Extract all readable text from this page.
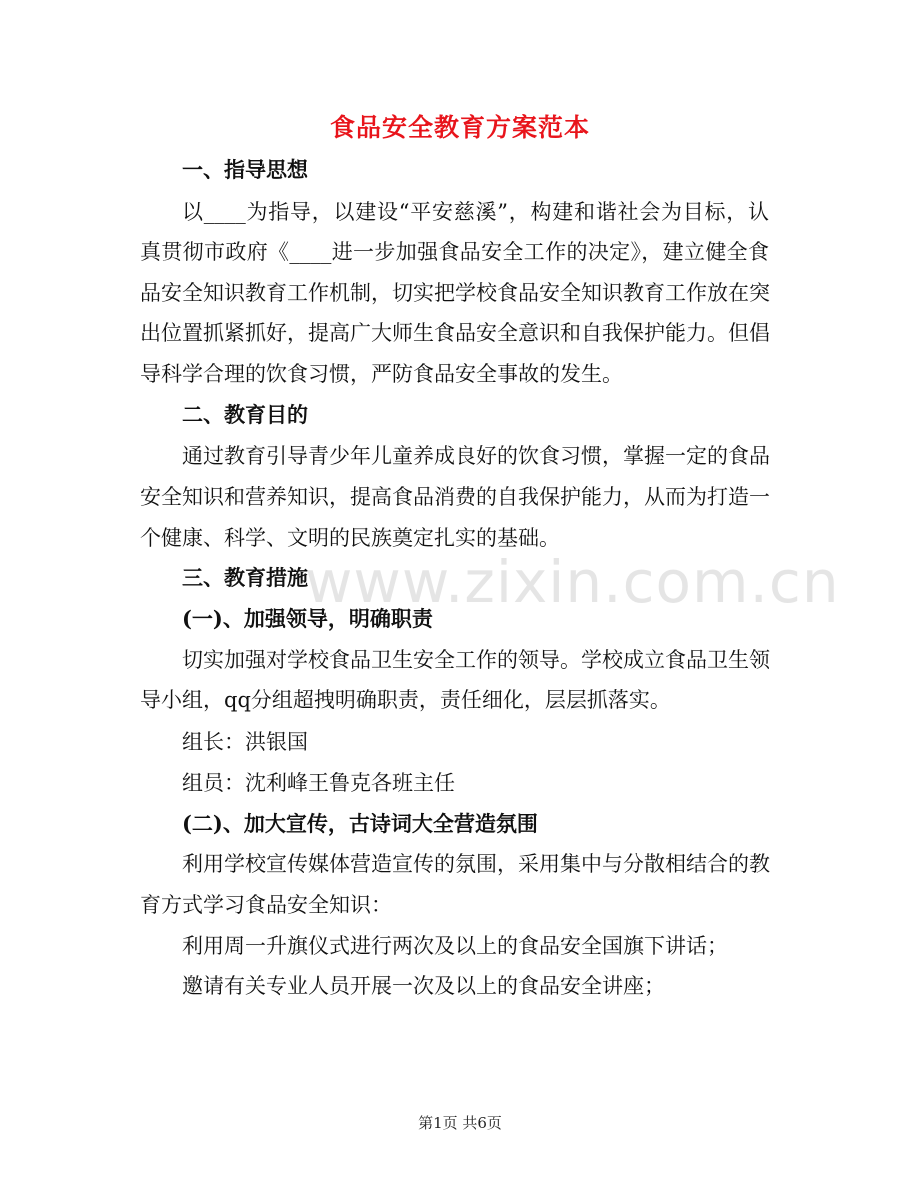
食品安全教育方案范本
一、指导思想
以____为指导，以建设“平安慈溪”，构建和谐社会为目标，认
真贯彻市政府《____进一步加强食品安全工作的决定》，建立健全食
品安全知识教育工作机制，切实把学校食品安全知识教育工作放在突
出位置抓紧抓好，提高广大师生食品安全意识和自我保护能力。但倡
导科学合理的饮食习惯，严防食品安全事故的发生。
二、教育目的
通过教育引导青少年儿童养成良好的饮食习惯，掌握一定的食品
安全知识和营养知识，提高食品消费的自我保护能力，从而为打造一
个健康、科学、文明的民族奠定扎实的基础。
www.zixin.com.cn
三、教育措施
(一)、加强领导，明确职责
切实加强对学校食品卫生安全工作的领导。学校成立食品卫生领
导小组，qq分组超拽明确职责，责任细化，层层抓落实。
组长：洪银国
组员：沈利峰王鲁克各班主任
(二)、加大宣传，古诗词大全营造氛围
利用学校宣传媒体营造宣传的氛围，采用集中与分散相结合的教
育方式学习食品安全知识：
利用周一升旗仪式进行两次及以上的食品安全国旗下讲话；
邀请有关专业人员开展一次及以上的食品安全讲座；
第1页 共6页
